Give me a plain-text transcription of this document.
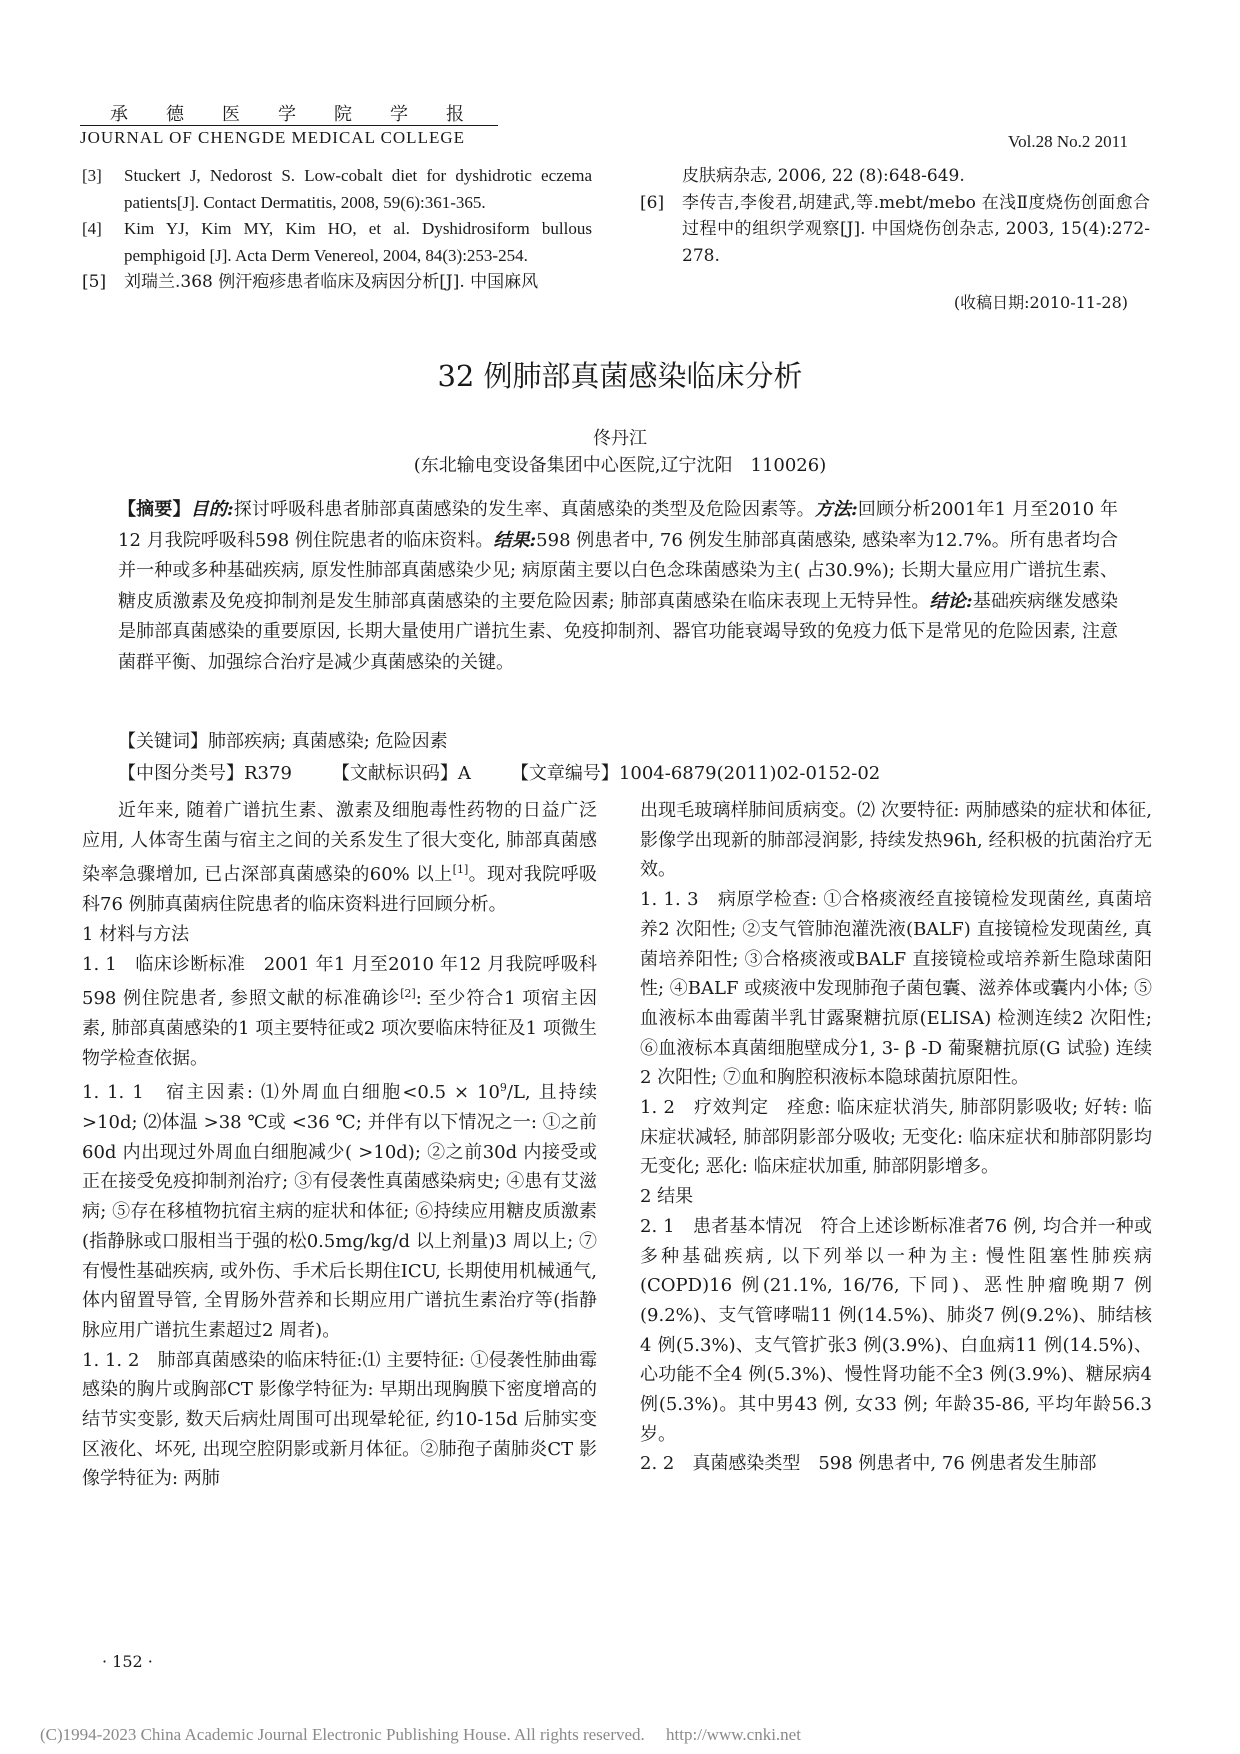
承德医学院学报
JOURNAL OF CHENGDE MEDICAL COLLEGE	Vol.28 No.2 2011
[3]	Stuckert J, Nedorost S. Low-cobalt diet for dyshidrotic eczema patients[J]. Contact Dermatitis, 2008, 59(6):361-365.
[4]	Kim YJ, Kim MY, Kim HO, et al. Dyshidrosiform bullous pemphigoid [J]. Acta Derm Venereol, 2004, 84(3):253-254.
[5]	刘瑞兰.368 例汗疱疹患者临床及病因分析[J]. 中国麻风
皮肤病杂志, 2006, 22 (8):648-649.
[6]	李传吉,李俊君,胡建武,等.mebt/mebo 在浅Ⅱ度烧伤创面愈合过程中的组织学观察[J]. 中国烧伤创杂志, 2003, 15(4):272-278.
(收稿日期:2010-11-28)
32 例肺部真菌感染临床分析
佟丹江
(东北输电变设备集团中心医院,辽宁沈阳　110026)
【摘要】目的:探讨呼吸科患者肺部真菌感染的发生率、真菌感染的类型及危险因素等。方法:回顾分析2001年1 月至2010 年12 月我院呼吸科598 例住院患者的临床资料。结果:598 例患者中, 76 例发生肺部真菌感染, 感染率为12.7%。所有患者均合并一种或多种基础疾病, 原发性肺部真菌感染少见; 病原菌主要以白色念珠菌感染为主( 占30.9%); 长期大量应用广谱抗生素、糖皮质激素及免疫抑制剂是发生肺部真菌感染的主要危险因素; 肺部真菌感染在临床表现上无特异性。结论:基础疾病继发感染是肺部真菌感染的重要原因, 长期大量使用广谱抗生素、免疫抑制剂、器官功能衰竭导致的免疫力低下是常见的危险因素, 注意菌群平衡、加强综合治疗是减少真菌感染的关键。
【关键词】肺部疾病; 真菌感染; 危险因素
【中图分类号】R379 【文献标识码】A 【文章编号】1004-6879(2011)02-0152-02

近年来, 随着广谱抗生素、激素及细胞毒性药物的日益广泛应用, 人体寄生菌与宿主之间的关系发生了很大变化, 肺部真菌感染率急骤增加, 已占深部真菌感染的60% 以上[1]。现对我院呼吸科76 例肺真菌病住院患者的临床资料进行回顾分析。

1 材料与方法

1. 1　临床诊断标准　2001 年1 月至2010 年12 月我院呼吸科598 例住院患者, 参照文献的标准确诊[2]: 至少符合1 项宿主因素, 肺部真菌感染的1 项主要特征或2 项次要临床特征及1 项微生物学检查依据。

1. 1. 1　宿主因素: ⑴外周血白细胞$<0.5 \times 10^9/L$, 且持续 >10d; ⑵体温 >38 ℃或 <36 ℃; 并伴有以下情况之一: ①之前60d 内出现过外周血白细胞减少( >10d); ②之前30d 内接受或正在接受免疫抑制剂治疗; ③有侵袭性真菌感染病史; ④患有艾滋病; ⑤存在移植物抗宿主病的症状和体征; ⑥持续应用糖皮质激素(指静脉或口服相当于强的松0.5mg/kg/d 以上剂量)3 周以上; ⑦有慢性基础疾病, 或外伤、手术后长期住ICU, 长期使用机械通气, 体内留置导管, 全胃肠外营养和长期应用广谱抗生素治疗等(指静脉应用广谱抗生素超过2 周者)。

1. 1. 2　肺部真菌感染的临床特征:⑴ 主要特征: ①侵袭性肺曲霉感染的胸片或胸部CT 影像学特征为: 早期出现胸膜下密度增高的结节实变影, 数天后病灶周围可出现晕轮征, 约10-15d 后肺实变区液化、坏死, 出现空腔阴影或新月体征。②肺孢子菌肺炎CT 影像学特征为: 两肺

出现毛玻璃样肺间质病变。⑵ 次要特征: 两肺感染的症状和体征, 影像学出现新的肺部浸润影, 持续发热96h, 经积极的抗菌治疗无效。

1. 1. 3　病原学检查: ①合格痰液经直接镜检发现菌丝, 真菌培养2 次阳性; ②支气管肺泡灌洗液(BALF) 直接镜检发现菌丝, 真菌培养阳性; ③合格痰液或BALF 直接镜检或培养新生隐球菌阳性; ④BALF 或痰液中发现肺孢子菌包囊、滋养体或囊内小体; ⑤血液标本曲霉菌半乳甘露聚糖抗原(ELISA) 检测连续2 次阳性; ⑥血液标本真菌细胞壁成分1, 3- β -D 葡聚糖抗原(G 试验) 连续2 次阳性; ⑦血和胸腔积液标本隐球菌抗原阳性。

1. 2　疗效判定　痊愈: 临床症状消失, 肺部阴影吸收; 好转: 临床症状减轻, 肺部阴影部分吸收; 无变化: 临床症状和肺部阴影均无变化; 恶化: 临床症状加重, 肺部阴影增多。

2 结果

2. 1　患者基本情况　符合上述诊断标准者76 例, 均合并一种或多种基础疾病, 以下列举以一种为主: 慢性阻塞性肺疾病(COPD)16 例(21.1%, 16/76, 下同)、恶性肿瘤晚期7 例(9.2%)、支气管哮喘11 例(14.5%)、肺炎7 例(9.2%)、肺结核4 例(5.3%)、支气管扩张3 例(3.9%)、白血病11 例(14.5%)、心功能不全4 例(5.3%)、慢性肾功能不全3 例(3.9%)、糖尿病4 例(5.3%)。其中男43 例, 女33 例; 年龄35-86, 平均年龄56.3 岁。

2. 2　真菌感染类型　598 例患者中, 76 例患者发生肺部

· 152 ·
(C)1994-2023 China Academic Journal Electronic Publishing House. All rights reserved.　 http://www.cnki.net
